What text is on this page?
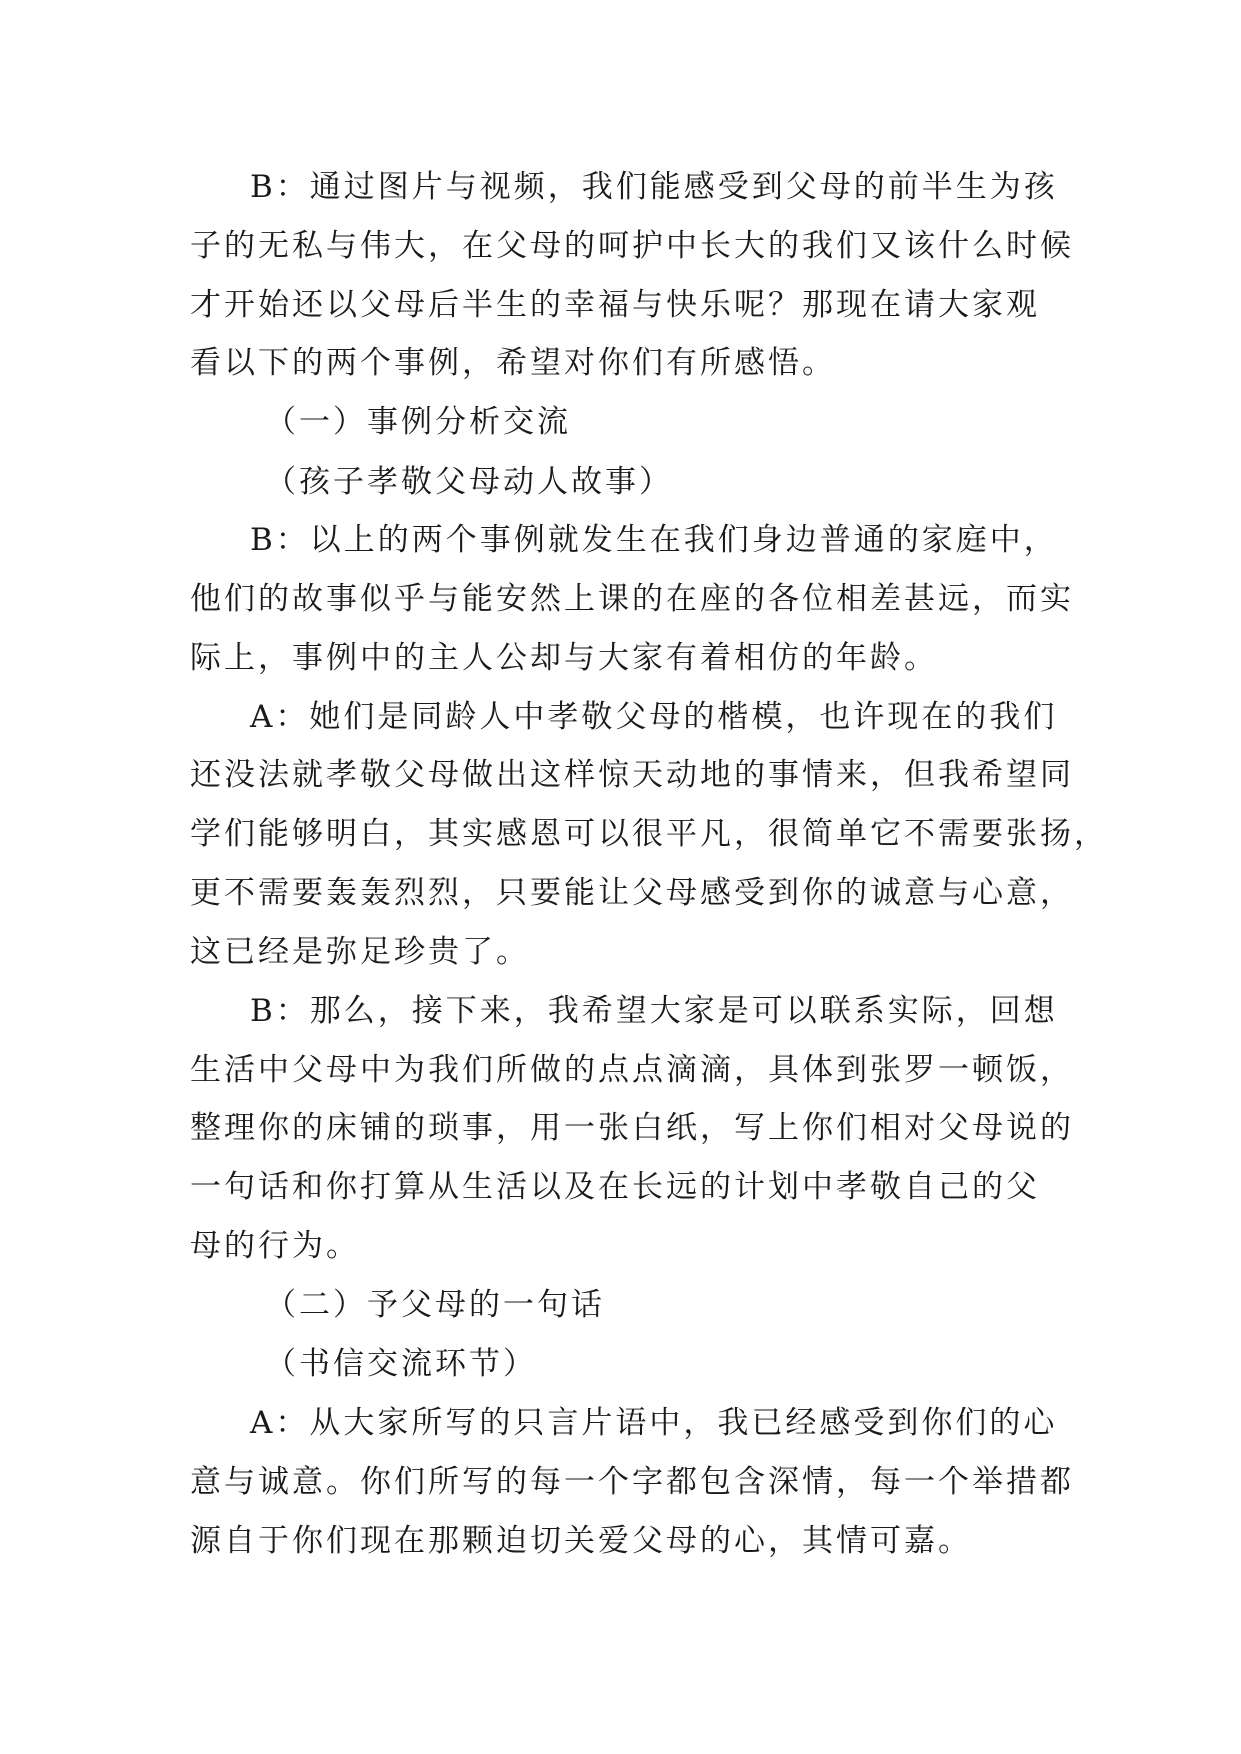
B：通过图片与视频，我们能感受到父母的前半生为孩
子的无私与伟大，在父母的呵护中长大的我们又该什么时候
才开始还以父母后半生的幸福与快乐呢？那现在请大家观
看以下的两个事例，希望对你们有所感悟。
（一）事例分析交流
（孩子孝敬父母动人故事）
B：以上的两个事例就发生在我们身边普通的家庭中，
他们的故事似乎与能安然上课的在座的各位相差甚远，而实
际上，事例中的主人公却与大家有着相仿的年龄。
A：她们是同龄人中孝敬父母的楷模，也许现在的我们
还没法就孝敬父母做出这样惊天动地的事情来，但我希望同
学们能够明白，其实感恩可以很平凡，很简单它不需要张扬，
更不需要轰轰烈烈，只要能让父母感受到你的诚意与心意，
这已经是弥足珍贵了。
B：那么，接下来，我希望大家是可以联系实际，回想
生活中父母中为我们所做的点点滴滴，具体到张罗一顿饭，
整理你的床铺的琐事，用一张白纸，写上你们相对父母说的
一句话和你打算从生活以及在长远的计划中孝敬自己的父
母的行为。
（二）予父母的一句话
（书信交流环节）
A：从大家所写的只言片语中，我已经感受到你们的心
意与诚意。你们所写的每一个字都包含深情，每一个举措都
源自于你们现在那颗迫切关爱父母的心，其情可嘉。
